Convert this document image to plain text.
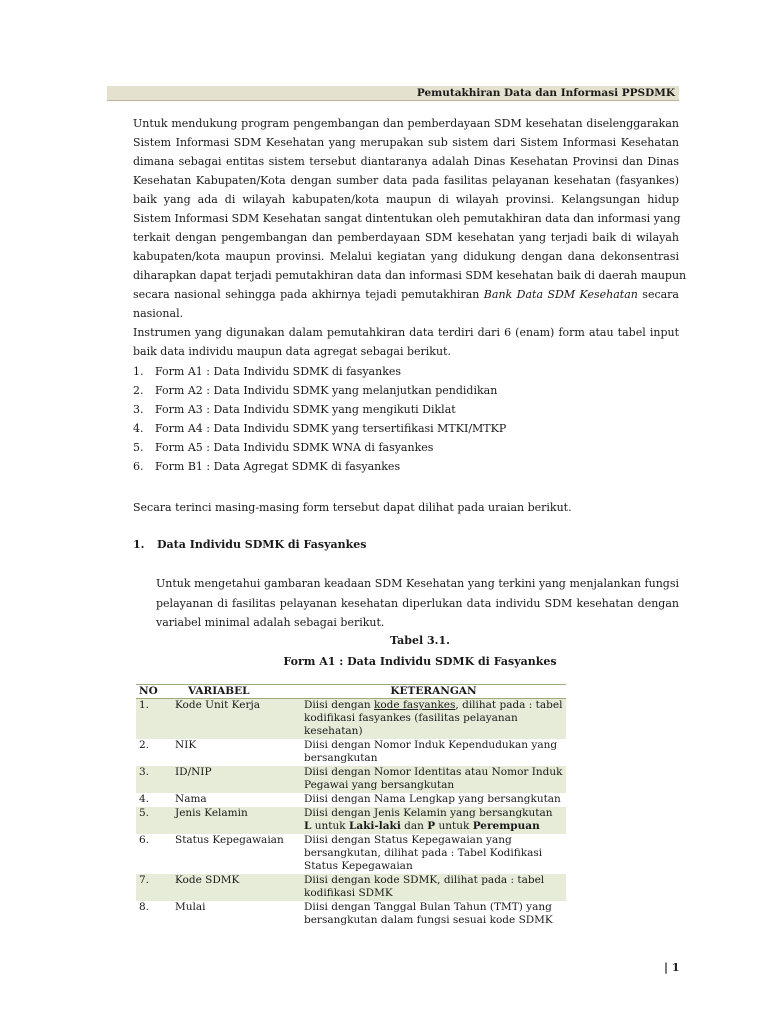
Pemutakhiran Data dan Informasi PPSDMK
Untuk mendukung program pengembangan dan pemberdayaan SDM kesehatan diselenggarakan
Sistem Informasi SDM Kesehatan yang merupakan sub sistem dari Sistem Informasi Kesehatan
dimana sebagai entitas sistem tersebut diantaranya adalah Dinas Kesehatan Provinsi dan Dinas
Kesehatan Kabupaten/Kota dengan sumber data pada fasilitas pelayanan kesehatan (fasyankes)
baik yang ada di wilayah kabupaten/kota maupun di wilayah provinsi. Kelangsungan hidup
Sistem Informasi SDM Kesehatan sangat dintentukan oleh pemutakhiran data dan informasi yang
terkait dengan pengembangan dan pemberdayaan SDM kesehatan yang terjadi baik di wilayah
kabupaten/kota maupun provinsi. Melalui kegiatan yang didukung dengan dana dekonsentrasi
diharapkan dapat terjadi pemutakhiran data dan informasi SDM kesehatan baik di daerah maupun
secara nasional sehingga pada akhirnya tejadi pemutakhiran Bank Data SDM Kesehatan secara
nasional.
Instrumen yang digunakan dalam pemutahkiran data terdiri dari 6 (enam) form atau tabel input
baik data individu maupun data agregat sebagai berikut.
1.	Form A1 : Data Individu SDMK di fasyankes
2.	Form A2 : Data Individu SDMK yang melanjutkan pendidikan
3.	Form A3 : Data Individu SDMK yang mengikuti Diklat
4.	Form A4 : Data Individu SDMK yang tersertifikasi MTKI/MTKP
5.	Form A5 : Data Individu SDMK WNA di fasyankes
6.	Form B1 : Data Agregat SDMK di fasyankes
Secara terinci masing-masing form tersebut dapat dilihat pada uraian berikut.
1. Data Individu SDMK di Fasyankes
Untuk mengetahui gambaran keadaan SDM Kesehatan yang terkini yang menjalankan fungsi
pelayanan di fasilitas pelayanan kesehatan diperlukan data individu SDM kesehatan dengan
variabel minimal adalah sebagai berikut.
Tabel 3.1.
Form A1 : Data Individu SDMK di Fasyankes
NO	VARIABEL	KETERANGAN
1.	Kode Unit Kerja	Diisi dengan kode fasyankes, dilihat pada : tabel kodifikasi fasyankes (fasilitas pelayanan kesehatan)
2.	NIK	Diisi dengan Nomor Induk Kependudukan yang bersangkutan
3.	ID/NIP	Diisi dengan Nomor Identitas atau Nomor Induk Pegawai yang bersangkutan
4.	Nama	Diisi dengan Nama Lengkap yang bersangkutan
5.	Jenis Kelamin	Diisi dengan Jenis Kelamin yang bersangkutan
L untuk Laki-laki dan P untuk Perempuan

6.	Status Kepegawaian	Diisi dengan Status Kepegawaian yang bersangkutan, dilihat pada : Tabel Kodifikasi Status Kepegawaian
7.	Kode SDMK	Diisi dengan kode SDMK, dilihat pada : tabel kodifikasi SDMK
8.	Mulai	Diisi dengan Tanggal Bulan Tahun (TMT) yang bersangkutan dalam fungsi sesuai kode SDMK
| 1
